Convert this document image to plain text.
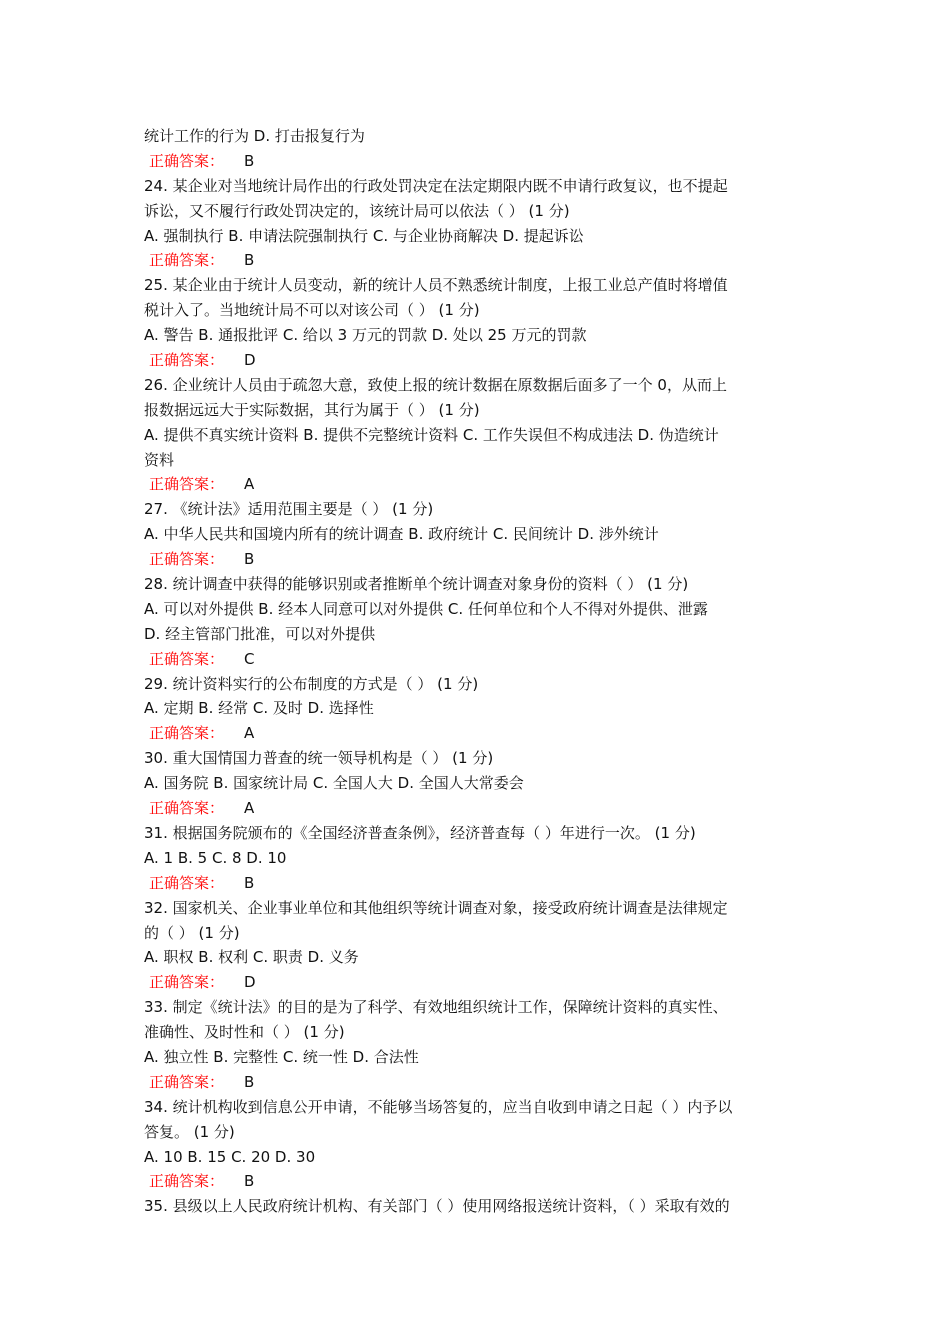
统计工作的行为 D. 打击报复行为
正确答案： B
24. 某企业对当地统计局作出的行政处罚决定在法定期限内既不申请行政复议，也不提起
诉讼，又不履行行政处罚决定的，该统计局可以依法（ ） (1 分)
A. 强制执行 B. 申请法院强制执行 C. 与企业协商解决 D. 提起诉讼
正确答案： B
25. 某企业由于统计人员变动，新的统计人员不熟悉统计制度，上报工业总产值时将增值
税计入了。当地统计局不可以对该公司（ ） (1 分)
A. 警告 B. 通报批评 C. 给以 3 万元的罚款 D. 处以 25 万元的罚款
正确答案： D
26. 企业统计人员由于疏忽大意，致使上报的统计数据在原数据后面多了一个 0，从而上
报数据远远大于实际数据，其行为属于（ ） (1 分)
A. 提供不真实统计资料 B. 提供不完整统计资料 C. 工作失误但不构成违法 D. 伪造统计
资料
正确答案： A
27. 《统计法》适用范围主要是（ ） (1 分)
A. 中华人民共和国境内所有的统计调查 B. 政府统计 C. 民间统计 D. 涉外统计
正确答案： B
28. 统计调查中获得的能够识别或者推断单个统计调查对象身份的资料（ ） (1 分)
A. 可以对外提供 B. 经本人同意可以对外提供 C. 任何单位和个人不得对外提供、泄露
D. 经主管部门批准，可以对外提供
正确答案： C
29. 统计资料实行的公布制度的方式是（ ） (1 分)
A. 定期 B. 经常 C. 及时 D. 选择性
正确答案： A
30. 重大国情国力普查的统一领导机构是（ ） (1 分)
A. 国务院 B. 国家统计局 C. 全国人大 D. 全国人大常委会
正确答案： A
31. 根据国务院颁布的《全国经济普查条例》，经济普查每（ ）年进行一次。 (1 分)
A. 1 B. 5 C. 8 D. 10
正确答案： B
32. 国家机关、企业事业单位和其他组织等统计调查对象，接受政府统计调查是法律规定
的（ ） (1 分)
A. 职权 B. 权利 C. 职责 D. 义务
正确答案： D
33. 制定《统计法》的目的是为了科学、有效地组织统计工作，保障统计资料的真实性、
准确性、及时性和（ ） (1 分)
A. 独立性 B. 完整性 C. 统一性 D. 合法性
正确答案： B
34. 统计机构收到信息公开申请，不能够当场答复的，应当自收到申请之日起（ ）内予以
答复。 (1 分)
A. 10 B. 15 C. 20 D. 30
正确答案： B
35. 县级以上人民政府统计机构、有关部门（ ）使用网络报送统计资料，（ ）采取有效的
